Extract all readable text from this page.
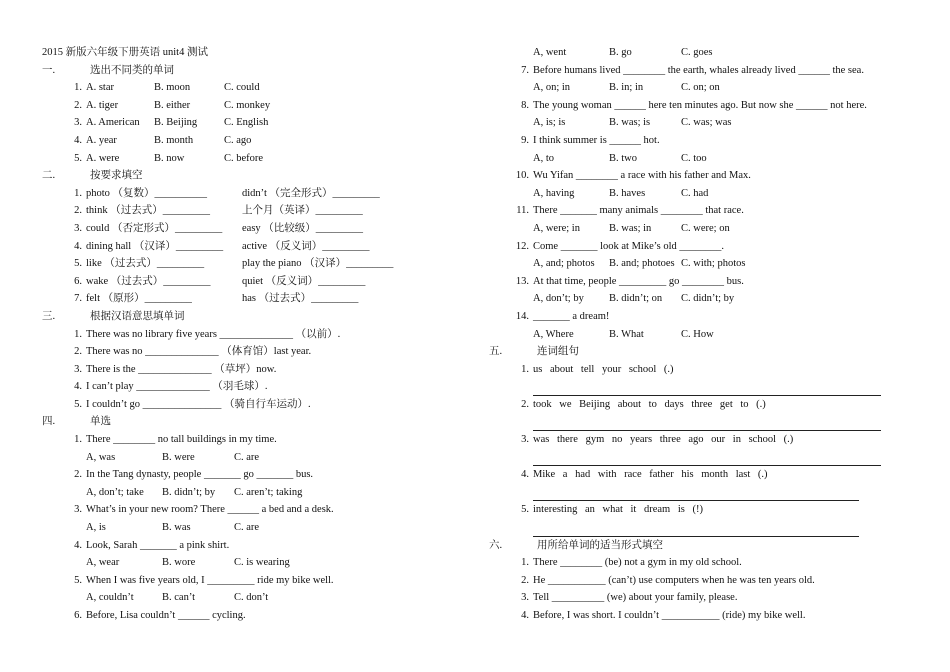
2015 新版六年级下册英语 unit4 测试
一.	选出不同类的单词
1. A. star	B. moon	C. could
2. A. tiger	B. either	C. monkey
3. A. American B. Beijing	C. English
4. A. year	B. month	C. ago
5. A. were	B. now	C. before
二.	按要求填空
1. photo （复数）__________	didn’t （完全形式）_________
2. think （过去式）_________	上个月（英译）_________
3. could （否定形式）_________ easy （比较级）_________
4. dining hall （汉译）_________ active （反义词）_________
5. like （过去式）_________	play the piano （汉译）_________
6. wake （过去式）_________	quiet （反义词）_________
7. felt （原形）_________	has （过去式）_________
三.	根据汉语意思填单词
1. There was no library five years ______________ （以前）.
2. There was no ______________ （体育馆）last year.
3. There is the ______________ （草坪）now.
4. I can’t play ______________ （羽毛球）.
5. I couldn’t go _______________ （骑自行车运动）.
四.	单选
1. There ________ no tall buildings in my time.
A, was	B. were	C. are
2. In the Tang dynasty, people _______ go _______ bus.
A, don’t; take B. didn’t; by C. aren’t; taking
3. What’s in your new room? There ______ a bed and a desk.
A, is	B. was	C. are
4. Look, Sarah _______ a pink shirt.
A, wear	B. wore	C. is wearing
5. When I was five years old, I _________ ride my bike well.
A, couldn’t	B. can’t	C. don’t
6. Before, Lisa couldn’t ______ cycling.
A, went	B. go	C. goes
7. Before humans lived ________ the earth, whales already lived ______ the sea.
A, on; in	B. in; in	C. on; on
8. The young woman ______ here ten minutes ago. But now she ______ not here.
A, is; is	B. was; is	C. was; was
9. I think summer is ______ hot.
A, to	B. two	C. too
10. Wu Yifan ________ a race with his father and Max.
A, having	B. haves	C. had
11. There _______ many animals ________ that race.
A, were; in	B. was; in	C. were; on
12. Come _______ look at Mike’s old ________.
A, and; photos B. and; photoes C. with; photos
13. At that time, people _________ go ________ bus.
A, don’t; by B. didn’t; on C. didn’t; by
14. _______ a dream!
A, Where	B. What	C. How
五.	连词组句
1. us about tell your school (.)
2. took we Beijing about to days three get to (.)
3. was there gym no years three ago our in school (.)
4. Mike a had with race father his month last (.)
5. interesting an what it dream is (!)
六.	用所给单词的适当形式填空
1. There ________ (be) not a gym in my old school.
2. He ___________ (can’t) use computers when he was ten years old.
3. Tell __________ (we) about your family, please.
4. Before, I was short. I couldn’t ___________ (ride) my bike well.
